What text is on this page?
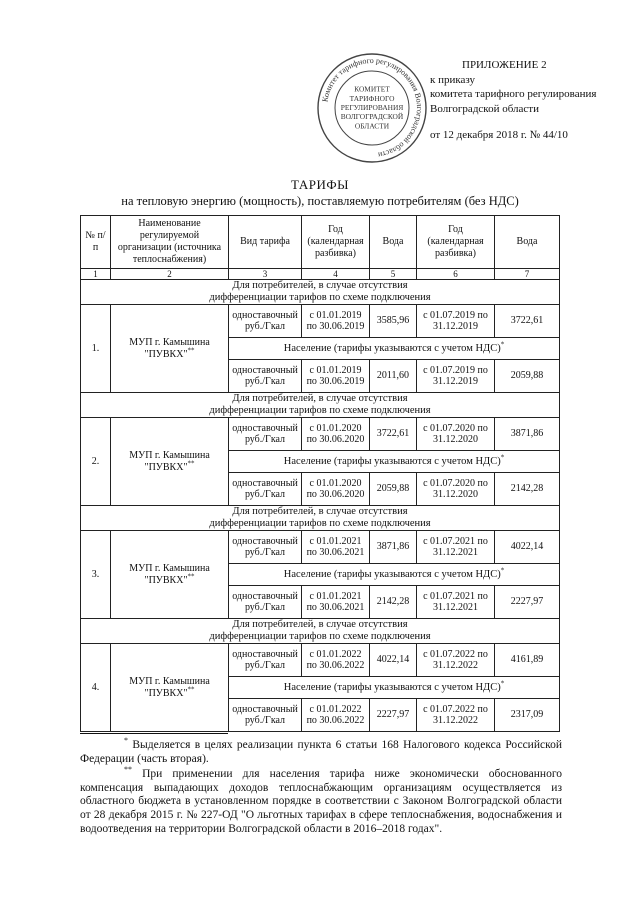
Комитет тарифного регулирования Волгоградской области
КОМИТЕТ ТАРИФНОГО РЕГУЛИРОВАНИЯ ВОЛГОГРАДСКОЙ ОБЛАСТИ
ПРИЛОЖЕНИЕ 2
к приказу
комитета тарифного регулирования
Волгоградской области
от 12 декабря 2018 г. № 44/10
ТАРИФЫ
на тепловую энергию (мощность), поставляемую потребителям (без НДС)
№ п/п	Наименование регулируемой организации (источника теплоснабжения)	Вид тарифа	Год (календарная разбивка)	Вода	Год (календарная разбивка)	Вода
1	2	3	4	5	6	7

Для потребителей, в случае отсутствия
дифференциации тарифов по схеме подключения						

1.	МУП г. Камышина "ПУВКХ"**	одноставочный руб./Гкал	с 01.01.2019 по 30.06.2019	3585,96	с 01.07.2019 по 31.12.2019	3722,61
		Население (тарифы указываются с учетом НДС)*
		одноставочный руб./Гкал	с 01.01.2019 по 30.06.2019	2011,60	с 01.07.2019 по 31.12.2019	2059,88

Для потребителей, в случае отсутствия
дифференциации тарифов по схеме подключения						

2.	МУП г. Камышина "ПУВКХ"**	одноставочный руб./Гкал	с 01.01.2020 по 30.06.2020	3722,61	с 01.07.2020 по 31.12.2020	3871,86
		Население (тарифы указываются с учетом НДС)*
		одноставочный руб./Гкал	с 01.01.2020 по 30.06.2020	2059,88	с 01.07.2020 по 31.12.2020	2142,28

Для потребителей, в случае отсутствия
дифференциации тарифов по схеме подключения						

3.	МУП г. Камышина "ПУВКХ"**	одноставочный руб./Гкал	с 01.01.2021 по 30.06.2021	3871,86	с 01.07.2021 по 31.12.2021	4022,14
		Население (тарифы указываются с учетом НДС)*
		одноставочный руб./Гкал	с 01.01.2021 по 30.06.2021	2142,28	с 01.07.2021 по 31.12.2021	2227,97

Для потребителей, в случае отсутствия
дифференциации тарифов по схеме подключения						

4.	МУП г. Камышина "ПУВКХ"**	одноставочный руб./Гкал	с 01.01.2022 по 30.06.2022	4022,14	с 01.07.2022 по 31.12.2022	4161,89
		Население (тарифы указываются с учетом НДС)*
		одноставочный руб./Гкал	с 01.01.2022 по 30.06.2022	2227,97	с 01.07.2022 по 31.12.2022	2317,09

* Выделяется в целях реализации пункта 6 статьи 168 Налогового кодекса Российской Федерации (часть вторая).

** При применении для населения тарифа ниже экономически обоснованного компенсация выпадающих доходов теплоснабжающим организациям осуществляется из областного бюджета в установленном порядке в соответствии с Законом Волгоградской области от 28 декабря 2015 г. № 227-ОД "О льготных тарифах в сфере теплоснабжения, водоснабжения и водоотведения на территории Волгоградской области в 2016–2018 годах".
